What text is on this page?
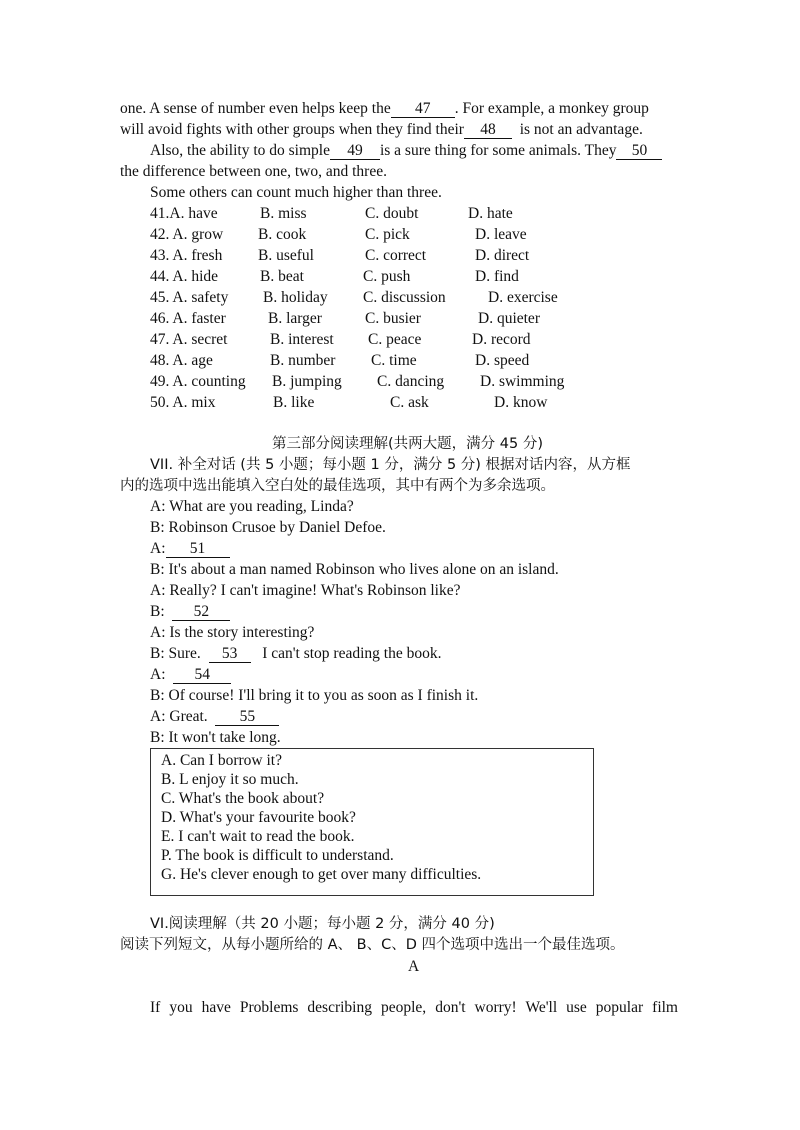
one. A sense of number even helps keep the 47 . For example, a monkey group
will avoid fights with other groups when they find their 48 is not an advantage.
Also, the ability to do simple 49 is a sure thing for some animals. They 50
the difference between one, two, and three.
Some others can count much higher than three.
41.A. have	B. miss	C. doubt	D. hate
42. A. grow B. cook	C. pick	D. leave
43. A. fresh B. useful	C. correct	D. direct
44. A. hide	B. beat	C. push	D. find
45. A. safety B. holiday C. discussion	D. exercise
46. A. faster	B. larger	C. busier	D. quieter
47. A. secret	B. interest C. peace	D. record
48. A. age	B. number C. time	D. speed
49. A. counting B. jumping C. dancing D. swimming
50. A. mix	B. like	C. ask	D. know
第三部分阅读理解(共两大题，满分 45 分)
VII. 补全对话 (共 5 小题；每小题 1 分，满分 5 分) 根据对话内容，从方框
内的选项中选出能填入空白处的最佳选项，其中有两个为多余选项。
A: What are you reading, Linda?
B: Robinson Crusoe by Daniel Defoe.
A: 51
B: It's about a man named Robinson who lives alone on an island.
A: Really? I can't imagine! What's Robinson like?
B: 52
A: Is the story interesting?
B: Sure. 53 I can't stop reading the book.
A: 54
B: Of course! I'll bring it to you as soon as I finish it.
A: Great. 55
B: It won't take long.
A. Can I borrow it?
B. L enjoy it so much.
C. What's the book about?
D. What's your favourite book?
E. I can't wait to read the book.
P. The book is difficult to understand.
G. He's clever enough to get over many difficulties.
VI.阅读理解（共 20 小题；每小题 2 分，满分 40 分)
阅读下列短文，从每小题所给的 A、 B、C、D 四个选项中选出一个最佳选项。
A
If you have Problems describing people, don't worry! We'll use popular film
